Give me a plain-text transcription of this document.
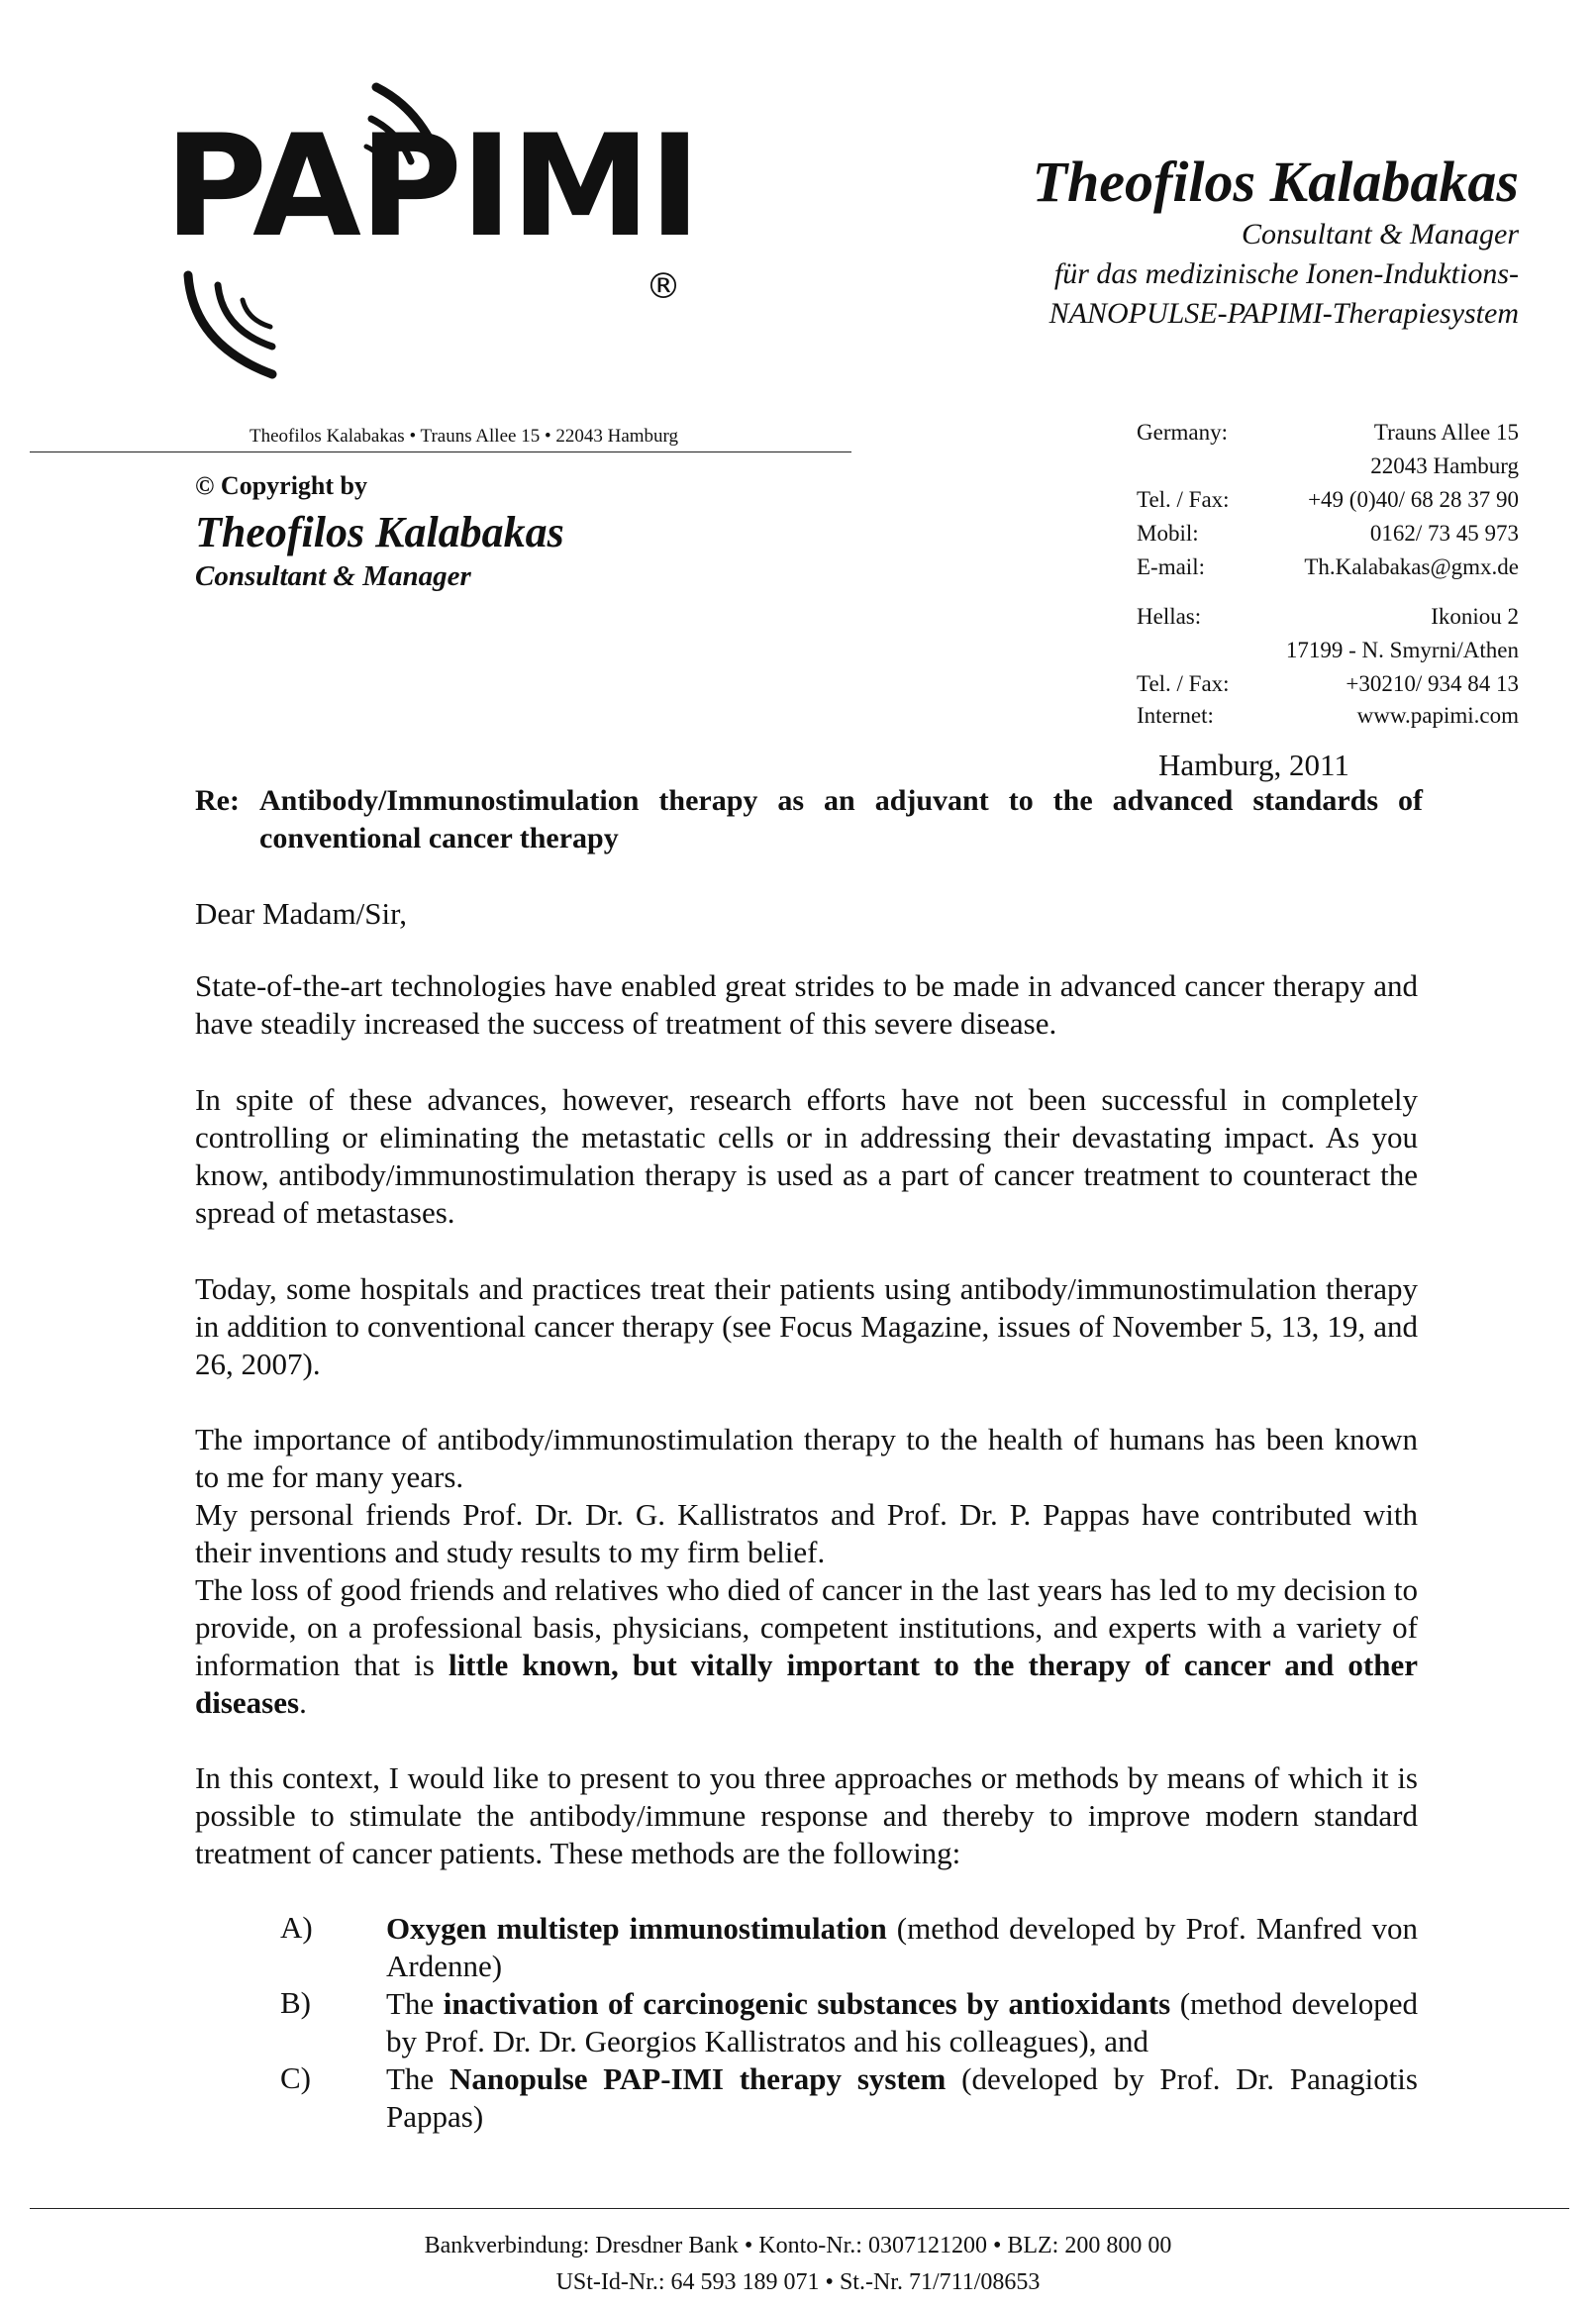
PAPIMI
®
Theofilos Kalabakas
Consultant & Manager
für das medizinische Ionen-Induktions-
NANOPULSE-PAPIMI-Therapiesystem
Theofilos Kalabakas • Trauns Allee 15 • 22043 Hamburg
© Copyright by
Theofilos Kalabakas
Consultant & Manager
Germany:	Trauns Allee 15
22043 Hamburg
Tel. / Fax:	+49 (0)40/ 68 28 37 90
Mobil:	0162/ 73 45 973
E-mail:	Th.Kalabakas@gmx.de
Hellas:	Ikoniou 2
17199 - N. Smyrni/Athen
Tel. / Fax:	+30210/ 934 84 13
Internet:	www.papimi.com
Hamburg, 2011
Re: Antibody/Immunostimulation therapy as an adjuvant to the advanced standards of
conventional cancer therapy
Dear Madam/Sir,
State-of-the-art technologies have enabled great strides to be made in advanced cancer therapy and have steadily increased the success of treatment of this severe disease.
In spite of these advances, however, research efforts have not been successful in completely controlling or eliminating the metastatic cells or in addressing their devastating impact. As you know, antibody/immunostimulation therapy is used as a part of cancer treatment to counteract the spread of metastases.
Today, some hospitals and practices treat their patients using antibody/immunostimulation therapy in addition to conventional cancer therapy (see Focus Magazine, issues of November 5, 13, 19, and 26, 2007).
The importance of antibody/immunostimulation therapy to the health of humans has been known to me for many years.
My personal friends Prof. Dr. Dr. G. Kallistratos and Prof. Dr. P. Pappas have contributed with their inventions and study results to my firm belief.
The loss of good friends and relatives who died of cancer in the last years has led to my decision to provide, on a professional basis, physicians, competent institutions, and experts with a variety of information that is little known, but vitally important to the therapy of cancer and other diseases.
In this context, I would like to present to you three approaches or methods by means of which it is possible to stimulate the antibody/immune response and thereby to improve modern standard treatment of cancer patients. These methods are the following:
A) Oxygen multistep immunostimulation (method developed by Prof. Manfred von Ardenne)
B) The inactivation of carcinogenic substances by antioxidants (method developed by Prof. Dr. Dr. Georgios Kallistratos and his colleagues), and
C) The Nanopulse PAP-IMI therapy system (developed by Prof. Dr. Panagiotis Pappas)
Bankverbindung: Dresdner Bank • Konto-Nr.: 0307121200 • BLZ: 200 800 00
USt-Id-Nr.: 64 593 189 071 • St.-Nr. 71/711/08653
